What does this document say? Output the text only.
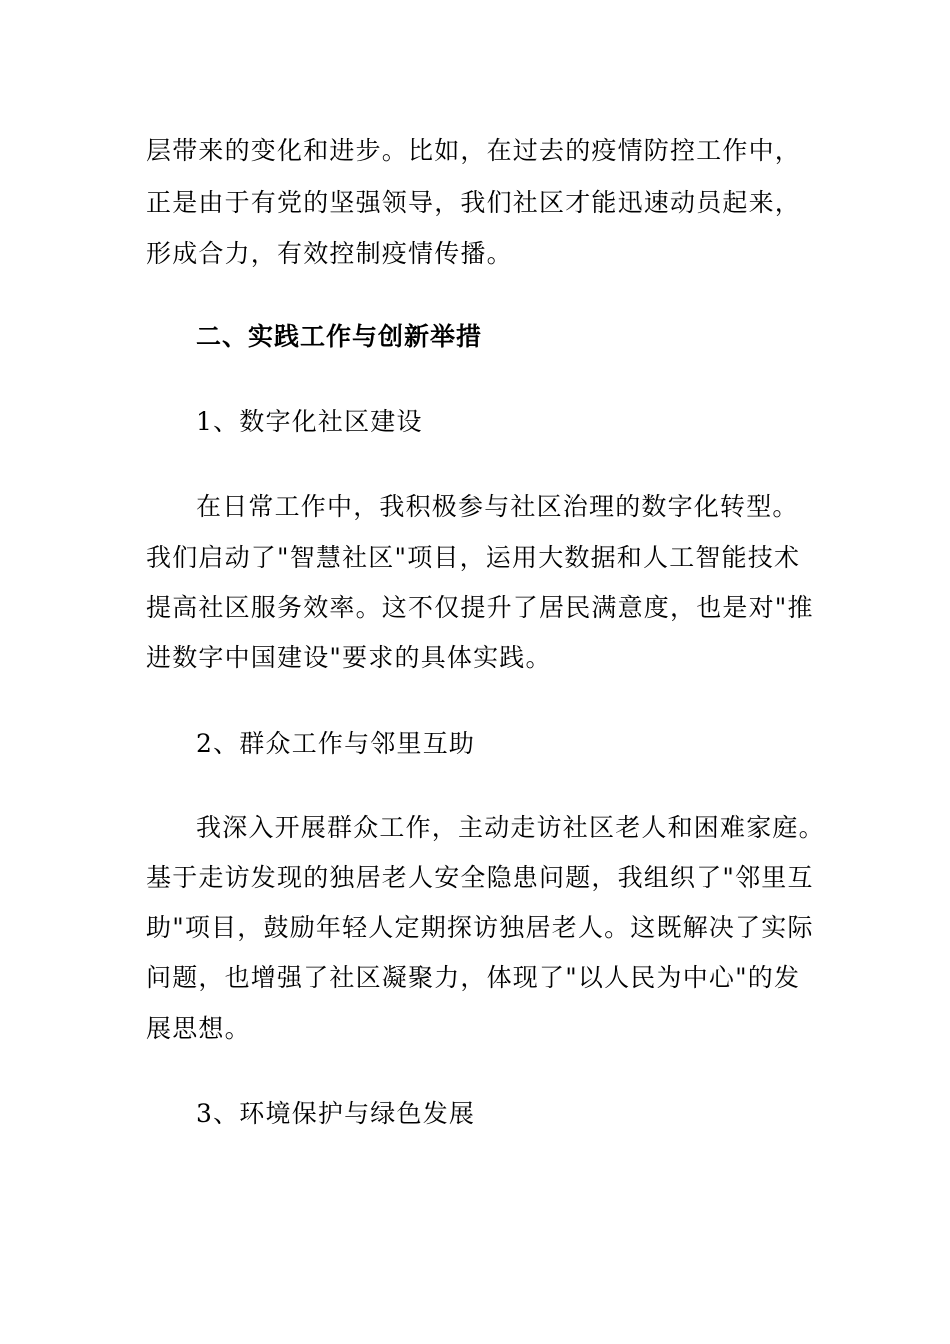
层带来的变化和进步。比如，在过去的疫情防控工作中，
正是由于有党的坚强领导，我们社区才能迅速动员起来，
形成合力，有效控制疫情传播。
二、实践工作与创新举措
1、数字化社区建设
在日常工作中，我积极参与社区治理的数字化转型。
我们启动了"智慧社区"项目，运用大数据和人工智能技术
提高社区服务效率。这不仅提升了居民满意度，也是对"推
进数字中国建设"要求的具体实践。
2、群众工作与邻里互助
我深入开展群众工作，主动走访社区老人和困难家庭。
基于走访发现的独居老人安全隐患问题，我组织了"邻里互
助"项目，鼓励年轻人定期探访独居老人。这既解决了实际
问题，也增强了社区凝聚力，体现了"以人民为中心"的发
展思想。
3、环境保护与绿色发展
